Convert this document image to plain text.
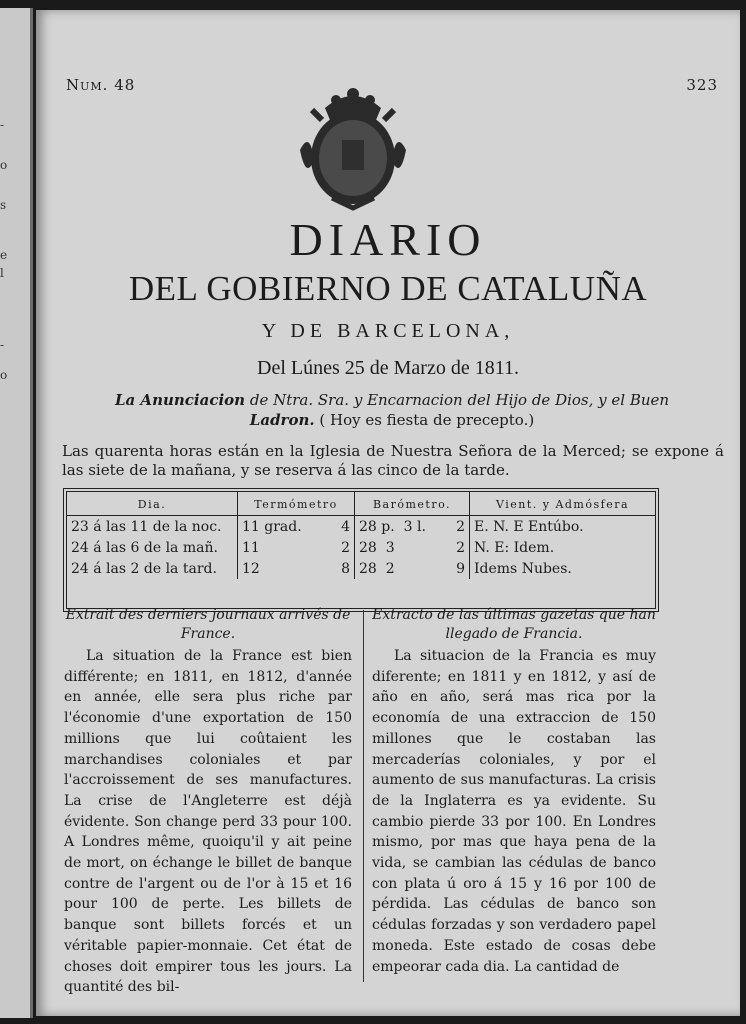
-
o
s
e
l
-
o
Num. 48	323
DIARIO
DEL GOBIERNO DE CATALUÑA
Y DE BARCELONA,
Del Lúnes 25 de Marzo de 1811.
La Anunciacion de Ntra. Sra. y Encarnacion del Hijo de Dios, y el Buen
Ladron. ( Hoy es fiesta de precepto.)
Las quarenta horas están en la Iglesia de Nuestra Señora de la Merced; se expone á las siete de la mañana, y se reserva á las cinco de la tarde.
Dia.	Termómetro	Barómetro.	Vient. y Admósfera
23 á las 11 de la noc.	11 grad. 4	28 p. 3 l. 2	E. N. E Entúbo.
24 á las 6 de la mañ.	11 2	28 3 2	N. E: Idem.
24 á las 2 de la tard.	12 8	28 2 9	Idems Nubes.
Extrait des derniers journaux arrivés de France.

La situation de la France est bien différente; en 1811, en 1812, d'année en année, elle sera plus riche par l'économie d'une exportation de 150 millions que lui coûtaient les marchandises coloniales et par l'accroissement de ses manufactures. La crise de l'Angleterre est déjà évidente. Son change perd 33 pour 100. A Londres même, quoiqu'il y ait peine de mort, on échange le billet de banque contre de l'argent ou de l'or à 15 et 16 pour 100 de perte. Les billets de banque sont billets forcés et un véritable papier-monnaie. Cet état de choses doit empirer tous les jours. La quantité des bil-

Extracto de las últimas gazetas que han llegado de Francia.

La situacion de la Francia es muy diferente; en 1811 y en 1812, y así de año en año, será mas rica por la economía de una extraccion de 150 millones que le costaban las mercaderías coloniales, y por el aumento de sus manufacturas. La crisis de la Inglaterra es ya evidente. Su cambio pierde 33 por 100. En Londres mismo, por mas que haya pena de la vida, se cambian las cédulas de banco con plata ú oro á 15 y 16 por 100 de pérdida. Las cédulas de banco son cédulas forzadas y son verdadero papel moneda. Este estado de cosas debe empeorar cada dia. La cantidad de
